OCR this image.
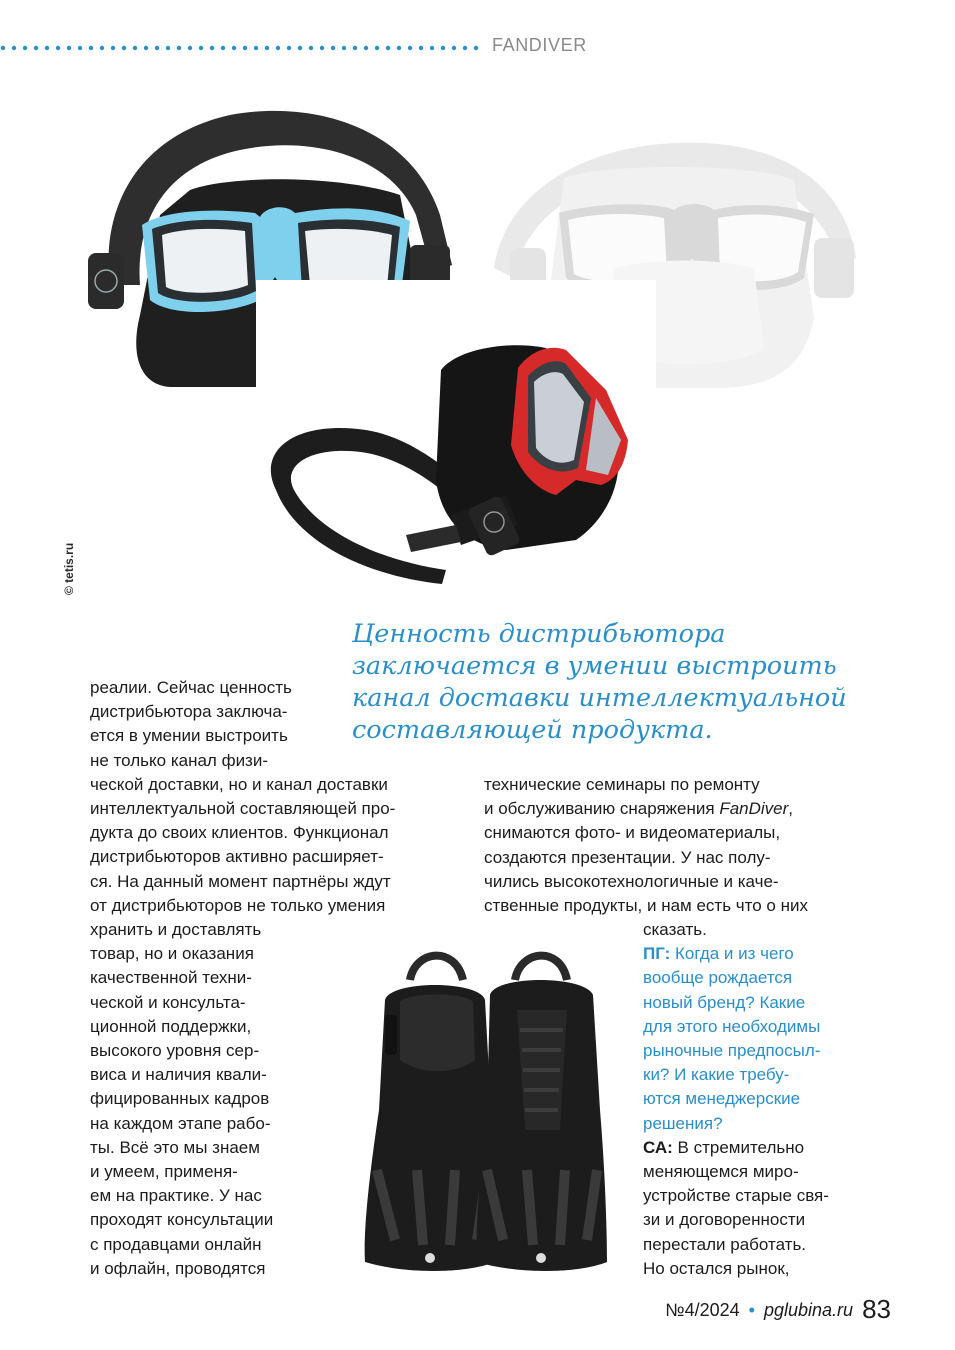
FANDIVER
© tetis.ru

Ценность дистрибьютора заключается в умении выстроить канал доставки интеллектуальной составляющей продукта.

реалии. Сейчас ценность
дистрибьютора заключа-
ется в умении выстроить
не только канал физи-
ческой доставки, но и канал доставки
интеллектуальной составляющей про-
дукта до своих клиентов. Функционал
дистрибьюторов активно расширяет-
ся. На данный момент партнёры ждут
от дистрибьюторов не только умения
технические семинары по ремонту
и обслуживанию снаряжения FanDiver,
снимаются фото- и видеоматериалы,
создаются презентации. У нас полу-
чились высокотехнологичные и каче-
ственные продукты, и нам есть что о них
хранить и доставлять
товар, но и оказания
качественной техни-
ческой и консульта-
ционной поддержки,
высокого уровня сер-
виса и наличия квали-
фицированных кадров
на каждом этапе рабо-
ты. Всё это мы знаем
и умеем, применя-
ем на практике. У нас
проходят консультации
с продавцами онлайн
и офлайн, проводятся
сказать.
ПГ: Когда и из чего
вообще рождается
новый бренд? Какие
для этого необходимы
рыночные предпосыл-
ки? И какие требу-
ются менеджерские
решения?
СА: В стремительно
меняющемся миро-
устройстве старые свя-
зи и договоренности
перестали работать.
Но остался рынок,
№4/2024 • pglubina.ru 83
